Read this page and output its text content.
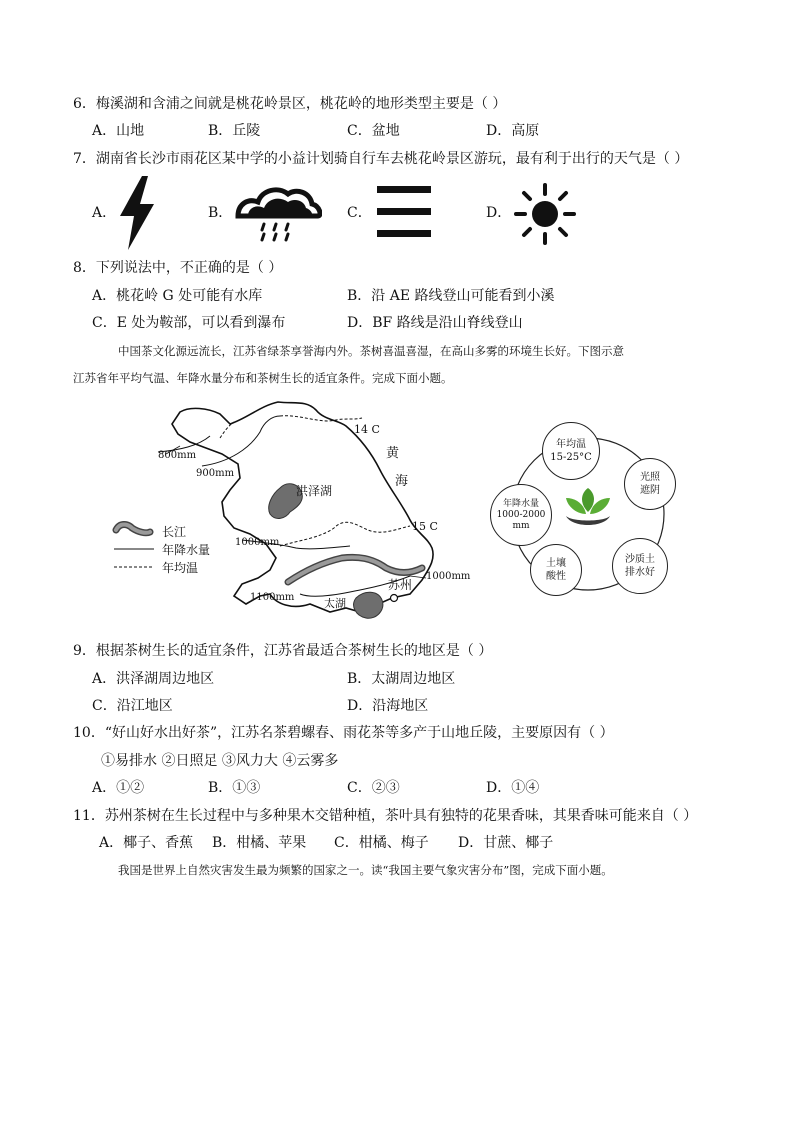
6．梅溪湖和含浦之间就是桃花岭景区，桃花岭的地形类型主要是（ ）
A．山地	B．丘陵	C．盆地	D．高原
7．湖南省长沙市雨花区某中学的小益计划骑自行车去桃花岭景区游玩，最有利于出行的天气是（ ）
A．	B．	C．	D．
8．下列说法中，不正确的是（ ）
A．桃花岭 G 处可能有水库	B．沿 AE 路线登山可能看到小溪
C．E 处为鞍部，可以看到瀑布	D．BF 路线是沿山脊线登山
中国茶文化源远流长，江苏省绿茶享誉海内外。茶树喜温喜湿，在高山多雾的环境生长好。下图示意
江苏省年平均气温、年降水量分布和茶树生长的适宜条件。完成下面小题。
14 C
15 C
黄
海
800mm
900mm
1000mm
1000mm
1100mm
洪泽湖
太湖
苏州
长江
年降水量
年均温
年均温
15-25°C
光照
遮阴
年降水量
1000-2000
mm
土壤
酸性
沙质土
排水好
9．根据茶树生长的适宜条件，江苏省最适合茶树生长的地区是（ ）
A．洪泽湖周边地区	B．太湖周边地区
C．沿江地区	D．沿海地区
10．“好山好水出好茶”，江苏名茶碧螺春、雨花茶等多产于山地丘陵，主要原因有（ ）
①易排水 ②日照足 ③风力大 ④云雾多
A．①②	B．①③	C．②③	D．①④
11．苏州茶树在生长过程中与多种果木交错种植，茶叶具有独特的花果香味，其果香味可能来自（ ）
A．椰子、香蕉 B．柑橘、苹果 C．柑橘、梅子 D．甘蔗、椰子
我国是世界上自然灾害发生最为频繁的国家之一。读“我国主要气象灾害分布”图，完成下面小题。
